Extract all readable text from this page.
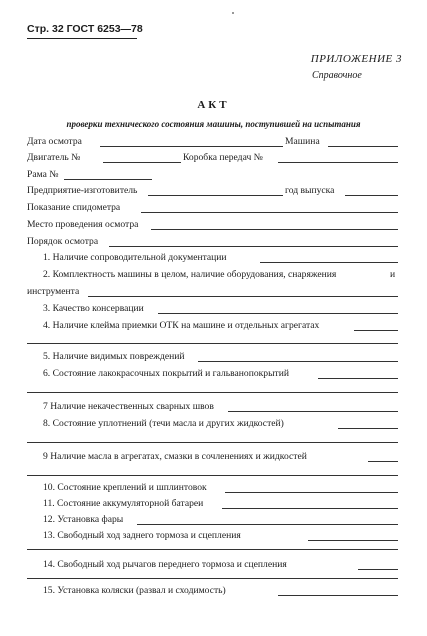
Стр. 32 ГОСТ 6253—78
ПРИЛОЖЕНИЕ 3
Справочное
АКТ
проверки технического состояния машины, поступившей на испытания
Дата осмотра	Машина
Двигатель №	Коробка передач №
Рама №
Предприятие-изготовитель	год выпуска
Показание спидометра
Место проведения осмотра
Порядок осмотра
1. Наличие сопроводительной документации
2. Комплектность машины в целом, наличие оборудования, снаряжения	и
инструмента
3. Качество консервации
4. Наличие клейма приемки ОТК на машине и отдельных агрегатах
5. Наличие видимых повреждений
6. Состояние лакокрасочных покрытий и гальванопокрытий
7 Наличие некачественных сварных швов
8. Состояние уплотнений (течи масла и других жидкостей)
9 Наличие масла в агрегатах, смазки в сочленениях и жидкостей
10. Состояние креплений и шплинтовок
11. Состояние аккумуляторной батареи
12. Установка фары
13. Свободный ход заднего тормоза и сцепления
14. Свободный ход рычагов переднего тормоза и сцепления
15. Установка коляски (развал и сходимость)
